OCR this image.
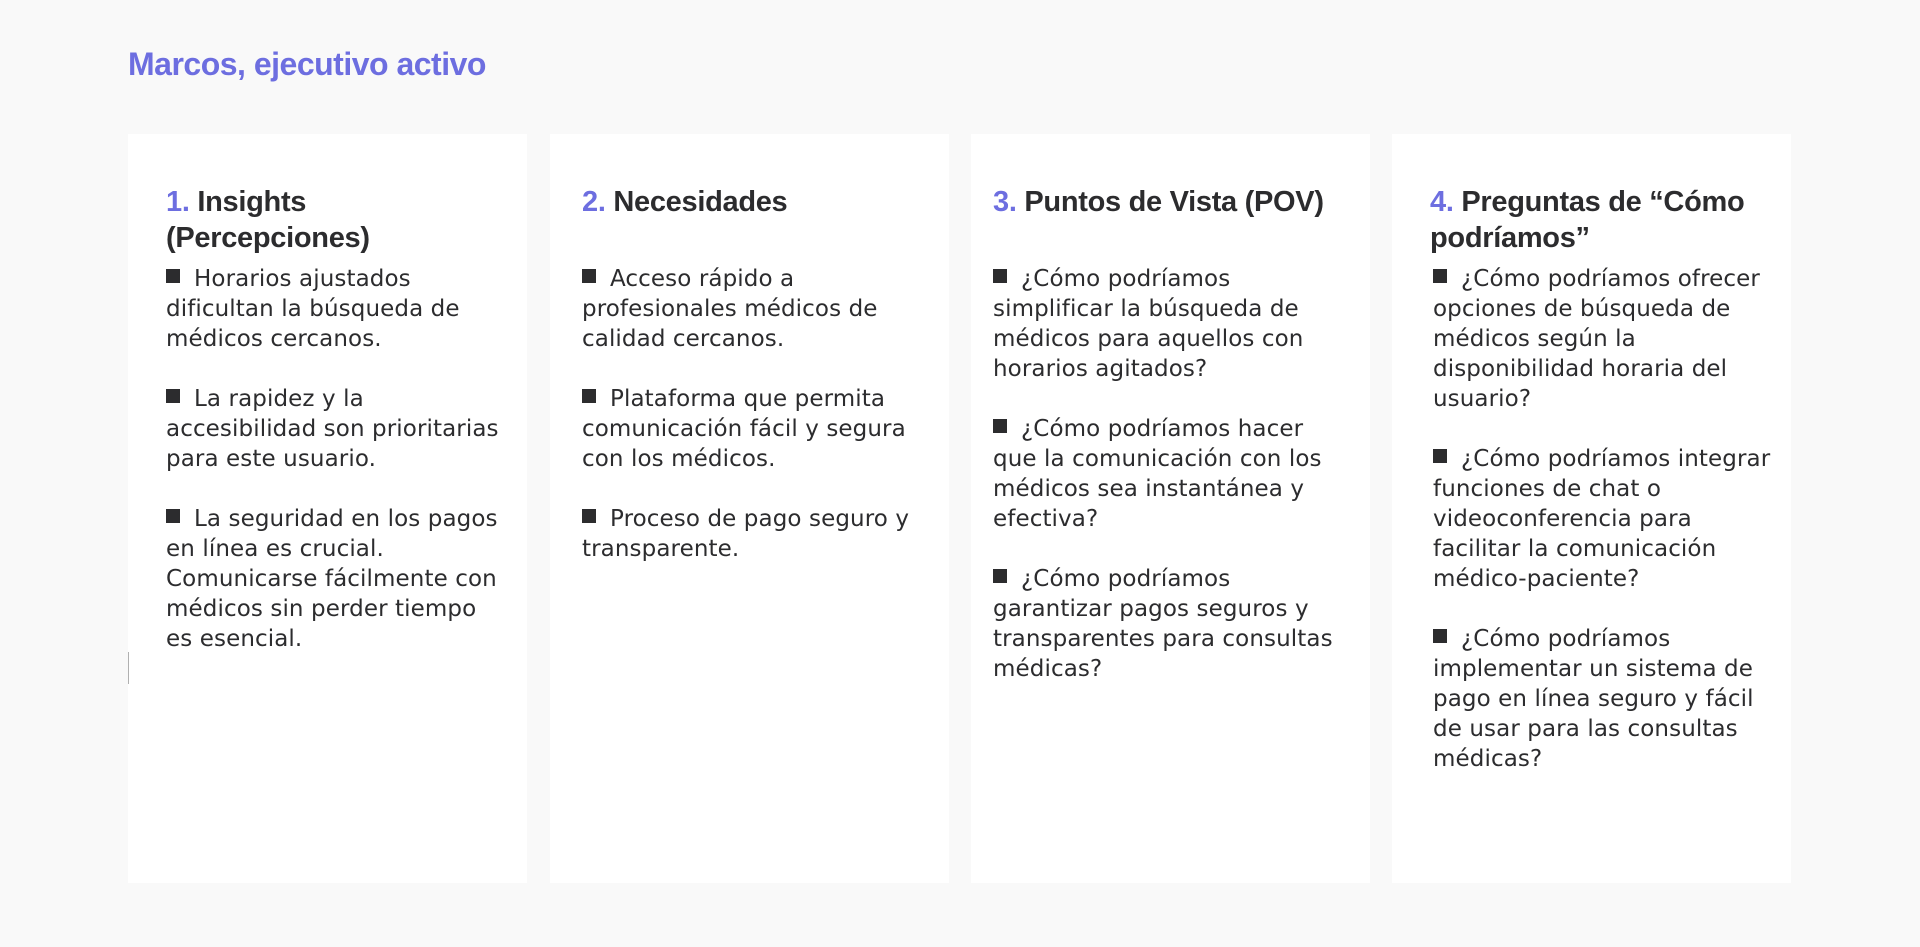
Marcos, ejecutivo activo
1. Insights (Percepciones)
Horarios ajustados dificultan la búsqueda de médicos cercanos.
La rapidez y la accesibilidad son prioritarias para este usuario.
La seguridad en los pagos en línea es crucial. Comunicarse fácilmente con médicos sin perder tiempo es esencial.
2. Necesidades
Acceso rápido a profesionales médicos de calidad cercanos.
Plataforma que permita comunicación fácil y segura con los médicos.
Proceso de pago seguro y transparente.
3. Puntos de Vista (POV)
¿Cómo podríamos simplificar la búsqueda de médicos para aquellos con horarios agitados?
¿Cómo podríamos hacer que la comunicación con los médicos sea instantánea y efectiva?
¿Cómo podríamos garantizar pagos seguros y transparentes para consultas médicas?
4. Preguntas de “Cómo podríamos”
¿Cómo podríamos ofrecer opciones de búsqueda de médicos según la disponibilidad horaria del usuario?
¿Cómo podríamos integrar funciones de chat o videoconferencia para facilitar la comunicación médico-paciente?
¿Cómo podríamos implementar un sistema de pago en línea seguro y fácil de usar para las consultas médicas?
